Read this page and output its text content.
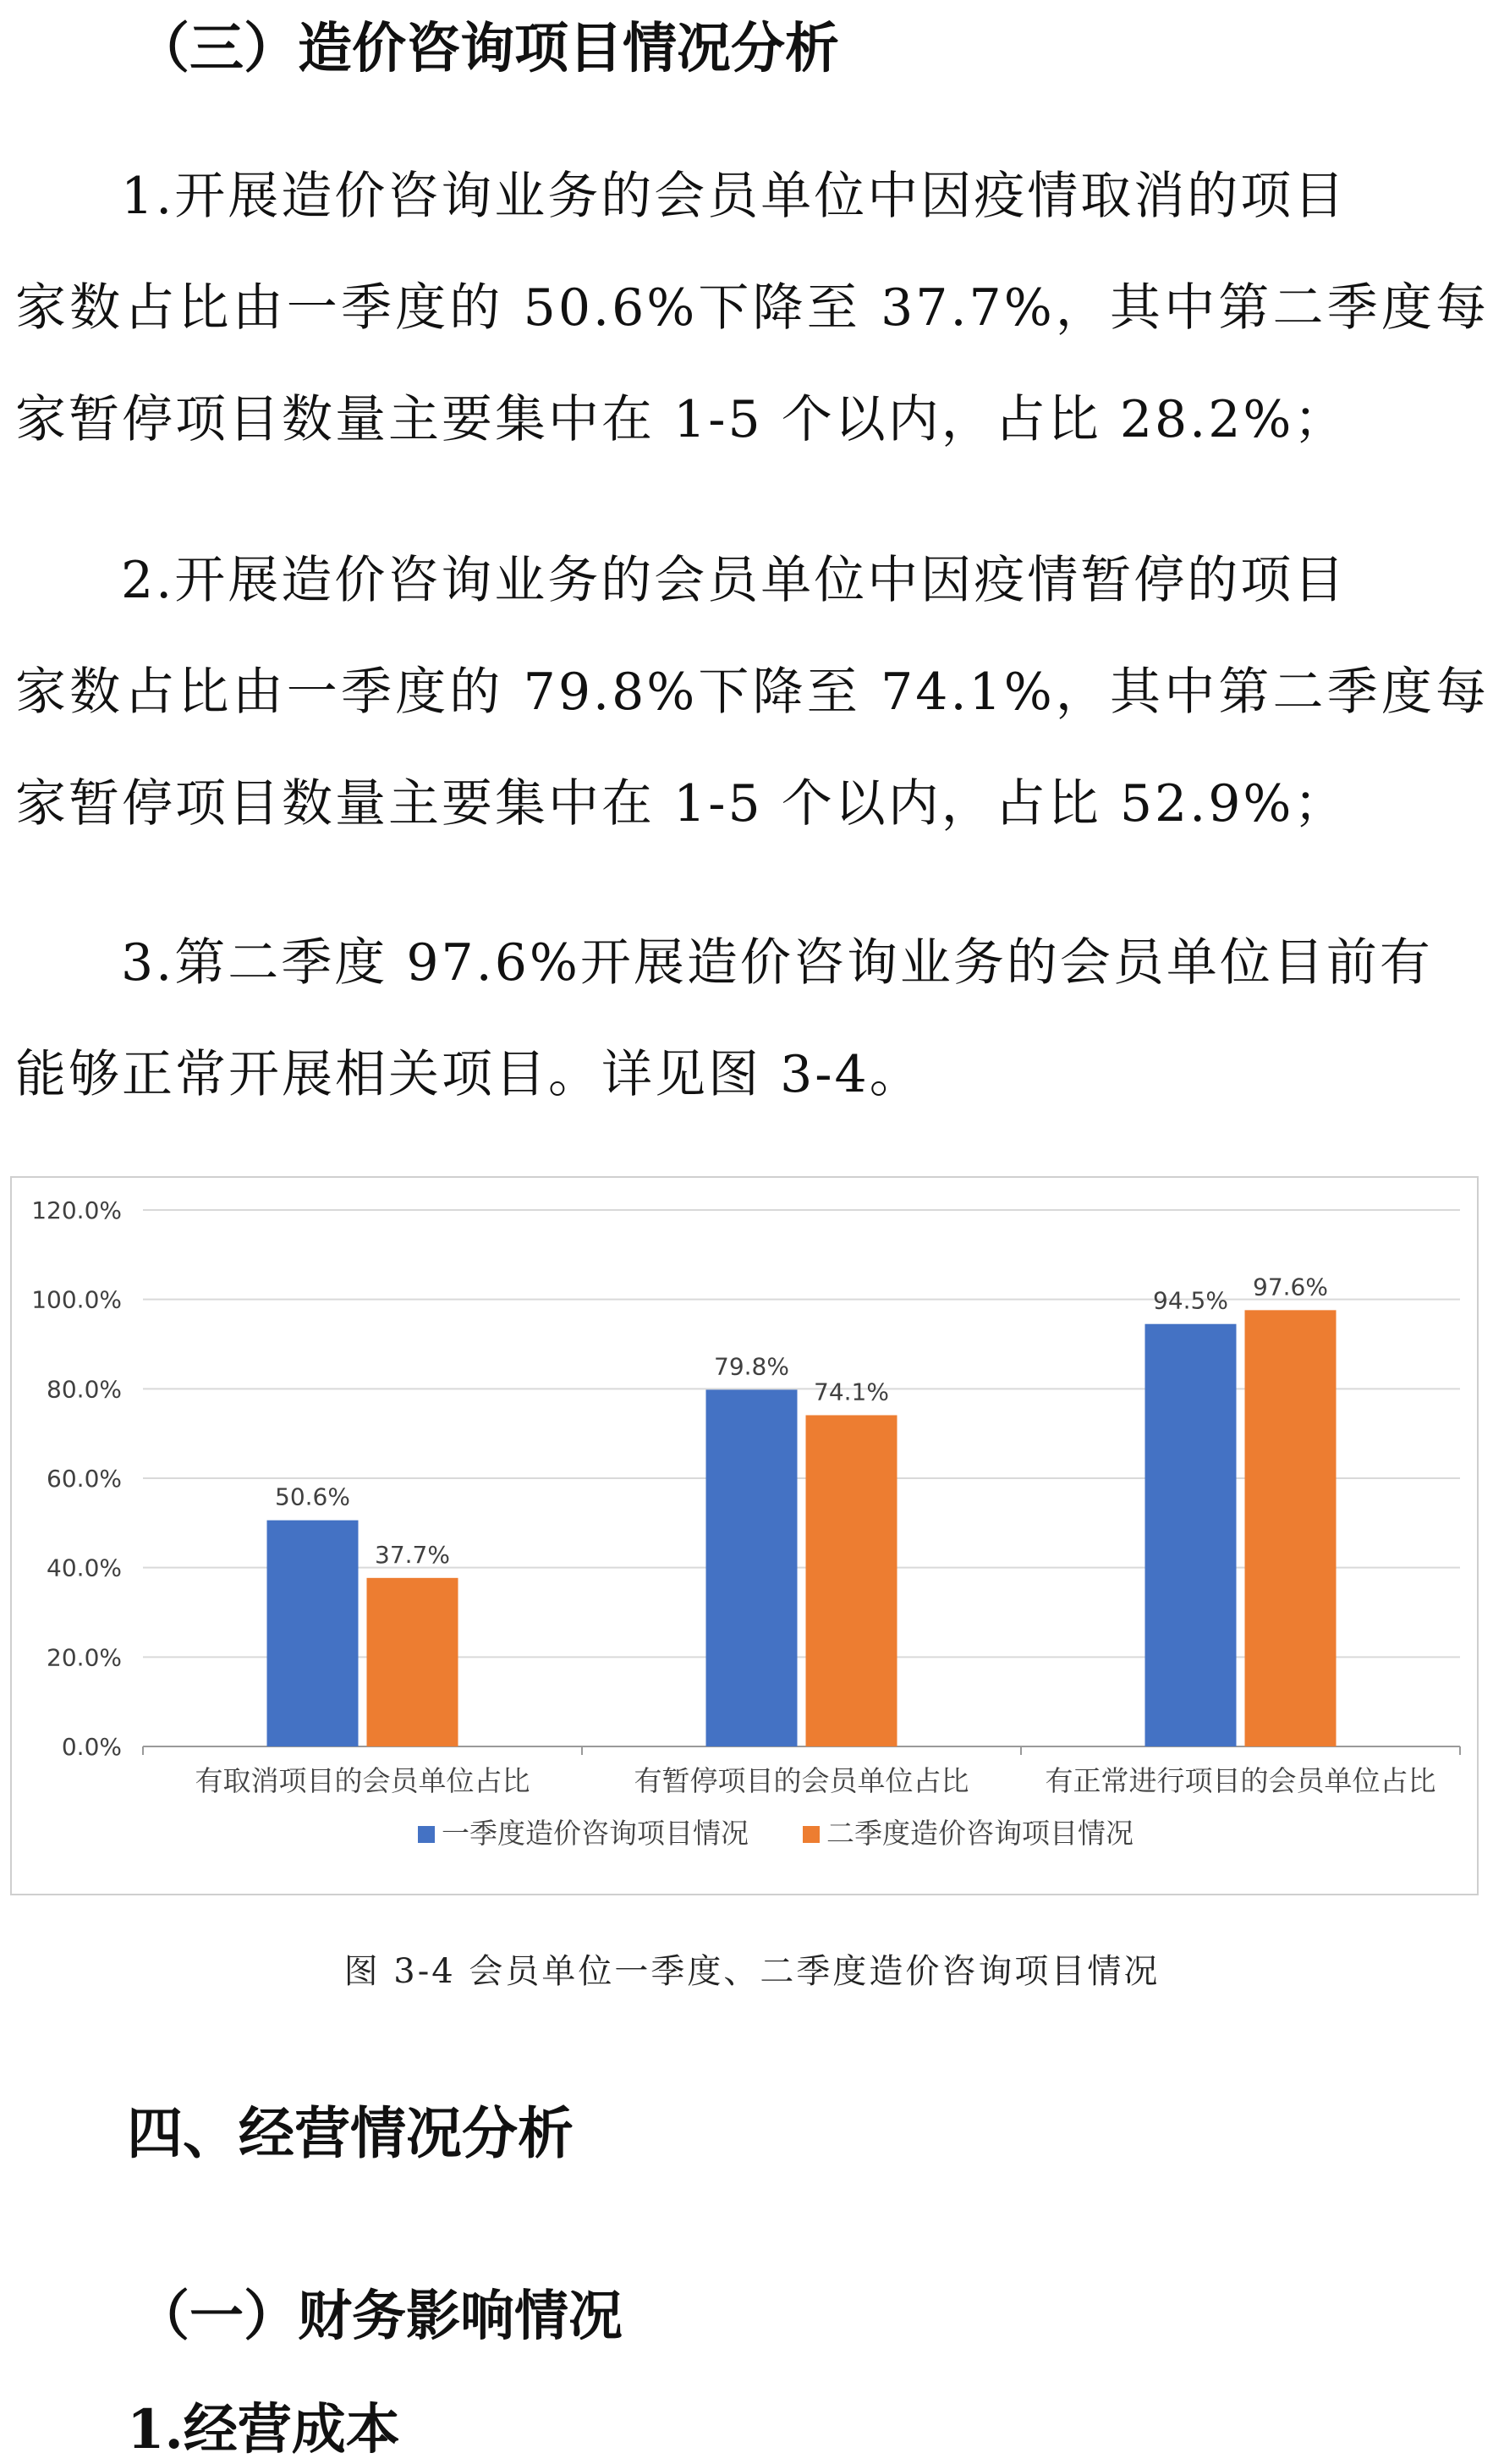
（三）造价咨询项目情况分析

1.开展造价咨询业务的会员单位中因疫情取消的项目
家数占比由一季度的 50.6%下降至 37.7%，其中第二季度每家暂停项目数量主要集中在 1-5 个以内，占比 28.2%；

2.开展造价咨询业务的会员单位中因疫情暂停的项目
家数占比由一季度的 79.8%下降至 74.1%，其中第二季度每家暂停项目数量主要集中在 1-5 个以内，占比 52.9%；

3.第二季度 97.6%开展造价咨询业务的会员单位目前有
能够正常开展相关项目。详见图 3-4。

0.0%
20.0%
40.0%
60.0%
80.0%
100.0%
120.0%
50.6%
37.7%
有取消项目的会员单位占比
79.8%
74.1%
有暂停项目的会员单位占比
94.5% 97.6%
有正常进行项目的会员单位占比
一季度造价咨询项目情况	二季度造价咨询项目情况

图 3-4 会员单位一季度、二季度造价咨询项目情况

四、经营情况分析
（一）财务影响情况
1.经营成本
